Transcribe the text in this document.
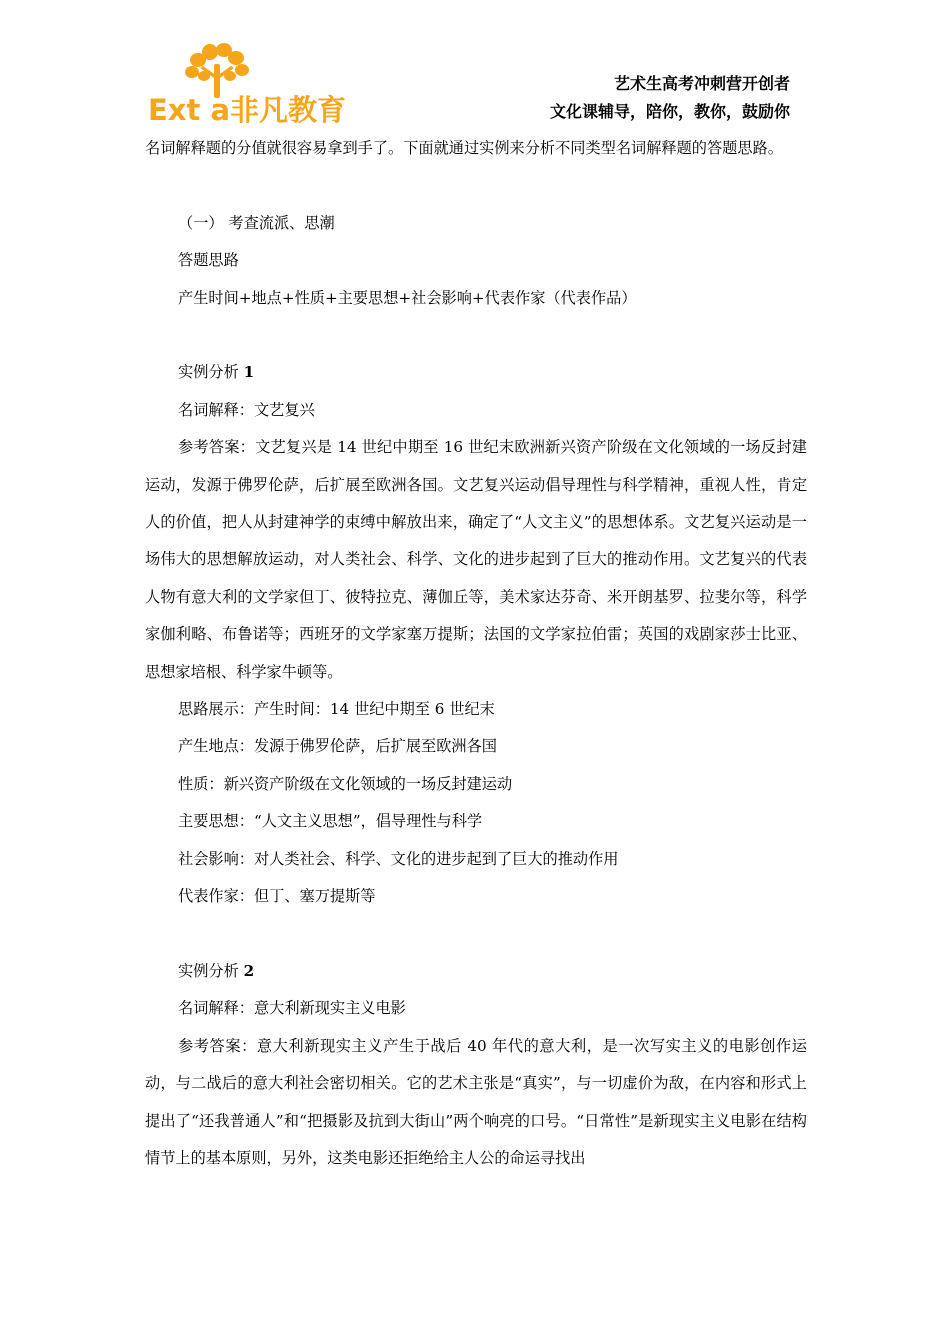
Ext a非凡教育
艺术生高考冲刺营开创者
文化课辅导，陪你，教你，鼓励你

名词解释题的分值就很容易拿到手了。下面就通过实例来分析不同类型名词解释题的答题思路。

（一） 考查流派、思潮

答题思路

产生时间+地点+性质+主要思想+社会影响+代表作家（代表作品）

实例分析 1

名词解释：文艺复兴

参考答案：文艺复兴是 14 世纪中期至 16 世纪末欧洲新兴资产阶级在文化领域的一场反封建运动，发源于佛罗伦萨，后扩展至欧洲各国。文艺复兴运动倡导理性与科学精神，重视人性，肯定人的价值，把人从封建神学的束缚中解放出来，确定了“人文主义”的思想体系。文艺复兴运动是一场伟大的思想解放运动，对人类社会、科学、文化的进步起到了巨大的推动作用。文艺复兴的代表人物有意大利的文学家但丁、彼特拉克、薄伽丘等，美术家达芬奇、米开朗基罗、拉斐尔等，科学家伽利略、布鲁诺等；西班牙的文学家塞万提斯；法国的文学家拉伯雷；英国的戏剧家莎士比亚、思想家培根、科学家牛顿等。

思路展示：产生时间：14 世纪中期至 6 世纪末

产生地点：发源于佛罗伦萨，后扩展至欧洲各国

性质：新兴资产阶级在文化领域的一场反封建运动

主要思想：“人文主义思想”，倡导理性与科学

社会影响：对人类社会、科学、文化的进步起到了巨大的推动作用

代表作家：但丁、塞万提斯等

实例分析 2

名词解释：意大利新现实主义电影

参考答案：意大利新现实主义产生于战后 40 年代的意大利，是一次写实主义的电影创作运动，与二战后的意大利社会密切相关。它的艺术主张是“真实”，与一切虚价为敌，在内容和形式上提出了“还我普通人”和“把摄影及抗到大街山”两个响亮的口号。“日常性”是新现实主义电影在结构情节上的基本原则，另外，这类电影还拒绝给主人公的命运寻找出
